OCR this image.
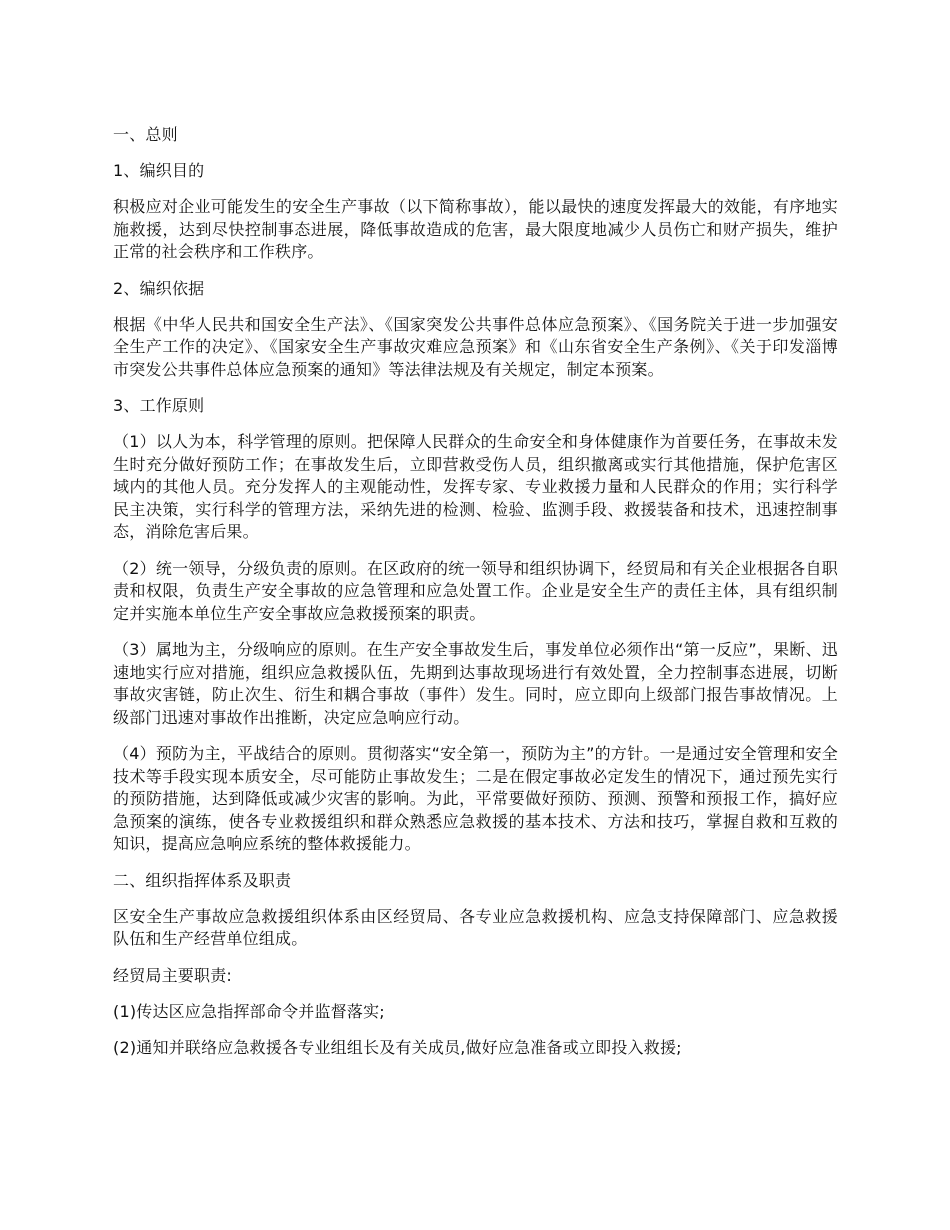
一、总则
1、编织目的
积极应对企业可能发生的安全生产事故（以下简称事故），能以最快的速度发挥最大的效能，有序地实施救援，达到尽快控制事态进展，降低事故造成的危害，最大限度地减少人员伤亡和财产损失，维护正常的社会秩序和工作秩序。
2、编织依据
根据《中华人民共和国安全生产法》、《国家突发公共事件总体应急预案》、《国务院关于进一步加强安全生产工作的决定》、《国家安全生产事故灾难应急预案》和《山东省安全生产条例》、《关于印发淄博市突发公共事件总体应急预案的通知》等法律法规及有关规定，制定本预案。
3、工作原则
（1）以人为本，科学管理的原则。把保障人民群众的生命安全和身体健康作为首要任务，在事故未发生时充分做好预防工作；在事故发生后，立即营救受伤人员，组织撤离或实行其他措施，保护危害区域内的其他人员。充分发挥人的主观能动性，发挥专家、专业救援力量和人民群众的作用；实行科学民主决策，实行科学的管理方法，采纳先进的检测、检验、监测手段、救援装备和技术，迅速控制事态，消除危害后果。
（2）统一领导，分级负责的原则。在区政府的统一领导和组织协调下，经贸局和有关企业根据各自职责和权限，负责生产安全事故的应急管理和应急处置工作。企业是安全生产的责任主体，具有组织制定并实施本单位生产安全事故应急救援预案的职责。
（3）属地为主，分级响应的原则。在生产安全事故发生后，事发单位必须作出“第一反应”，果断、迅速地实行应对措施，组织应急救援队伍，先期到达事故现场进行有效处置，全力控制事态进展，切断事故灾害链，防止次生、衍生和耦合事故（事件）发生。同时，应立即向上级部门报告事故情况。上级部门迅速对事故作出推断，决定应急响应行动。
（4）预防为主，平战结合的原则。贯彻落实“安全第一，预防为主”的方针。一是通过安全管理和安全技术等手段实现本质安全，尽可能防止事故发生；二是在假定事故必定发生的情况下，通过预先实行的预防措施，达到降低或减少灾害的影响。为此，平常要做好预防、预测、预警和预报工作，搞好应急预案的演练，使各专业救援组织和群众熟悉应急救援的基本技术、方法和技巧，掌握自救和互救的知识，提高应急响应系统的整体救援能力。
二、组织指挥体系及职责
区安全生产事故应急救援组织体系由区经贸局、各专业应急救援机构、应急支持保障部门、应急救援队伍和生产经营单位组成。
经贸局主要职责:
(1)传达区应急指挥部命令并监督落实;
(2)通知并联络应急救援各专业组组长及有关成员,做好应急准备或立即投入救援;
